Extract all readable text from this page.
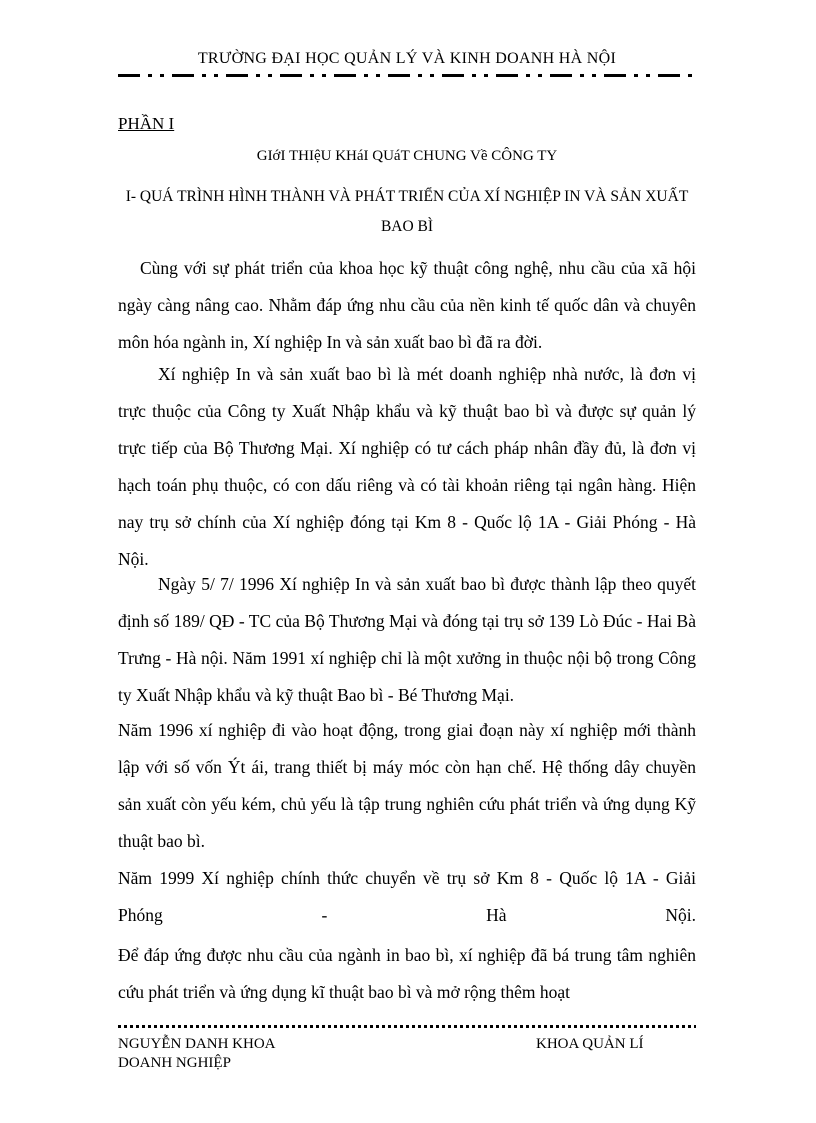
TRƯỜNG ĐẠI HỌC QUẢN LÝ VÀ KINH DOANH HÀ NỘI
PHẦN I
GIớI THIệU KHáI QUáT CHUNG Về CÔNG TY
I- QUÁ TRÌNH HÌNH THÀNH VÀ PHÁT TRIỂN CỦA XÍ NGHIỆP IN VÀ SẢN XUẤT BAO BÌ

Cùng với sự phát triển của khoa học kỹ thuật công nghệ, nhu cầu của xã hội ngày càng nâng cao. Nhằm đáp ứng nhu cầu của nền kinh tế quốc dân và chuyên môn hóa ngành in, Xí nghiệp In và sản xuất bao bì đã ra đời.

Xí nghiệp In và sản xuất bao bì là mét doanh nghiệp nhà nước, là đơn vị trực thuộc của Công ty Xuất Nhập khẩu và kỹ thuật bao bì và được sự quản lý trực tiếp của Bộ Thương Mại. Xí nghiệp có tư cách pháp nhân đầy đủ, là đơn vị hạch toán phụ thuộc, có con dấu riêng và có tài khoản riêng tại ngân hàng. Hiện nay trụ sở chính của Xí nghiệp đóng tại Km 8 - Quốc lộ 1A - Giải Phóng - Hà Nội.

Ngày 5/ 7/ 1996 Xí nghiệp In và sản xuất bao bì được thành lập theo quyết định số 189/ QĐ - TC của Bộ Thương Mại và đóng tại trụ sở 139 Lò Đúc - Hai Bà Trưng - Hà nội. Năm 1991 xí nghiệp chỉ là một xưởng in thuộc nội bộ trong Công ty Xuất Nhập khẩu và kỹ thuật Bao bì - Bé Thương Mại.

Năm 1996 xí nghiệp đi vào hoạt động, trong giai đoạn này xí nghiệp mới thành lập với số vốn Ýt ái, trang thiết bị máy móc còn hạn chế. Hệ thống dây chuyền sản xuất còn yếu kém, chủ yếu là tập trung nghiên cứu phát triển và ứng dụng Kỹ thuật bao bì.

Năm 1999 Xí nghiệp chính thức chuyển về trụ sở Km 8 - Quốc lộ 1A - Giải Phóng - Hà Nội.

Để đáp ứng được nhu cầu của ngành in bao bì, xí nghiệp đã bá trung tâm nghiên cứu phát triển và ứng dụng kĩ thuật bao bì và mở rộng thêm hoạt

NGUYỄN DANH KHOA
DOANH NGHIỆP
KHOA QUẢN LÍ
